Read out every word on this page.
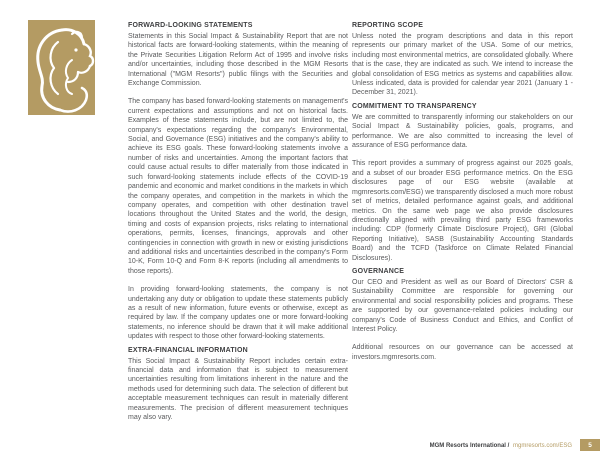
FORWARD-LOOKING STATEMENTS

Statements in this Social Impact & Sustainability Report that are not historical facts are forward-looking statements, within the meaning of the Private Securities Litigation Reform Act of 1995 and involve risks and/or uncertainties, including those described in the MGM Resorts International ("MGM Resorts") public filings with the Securities and Exchange Commission.

The company has based forward-looking statements on management's current expectations and assumptions and not on historical facts. Examples of these statements include, but are not limited to, the company's expectations regarding the company's Environmental, Social, and Governance (ESG) initiatives and the company's ability to achieve its ESG goals. These forward-looking statements involve a number of risks and uncertainties. Among the important factors that could cause actual results to differ materially from those indicated in such forward-looking statements include effects of the COVID-19 pandemic and economic and market conditions in the markets in which the company operates, and competition in the markets in which the company operates, and competition with other destination travel locations throughout the United States and the world, the design, timing and costs of expansion projects, risks relating to international operations, permits, licenses, financings, approvals and other contingencies in connection with growth in new or existing jurisdictions and additional risks and uncertainties described in the company's Form 10-K, Form 10-Q and Form 8-K reports (including all amendments to those reports).

In providing forward-looking statements, the company is not undertaking any duty or obligation to update these statements publicly as a result of new information, future events or otherwise, except as required by law. If the company updates one or more forward-looking statements, no inference should be drawn that it will make additional updates with respect to those other forward-looking statements.

EXTRA-FINANCIAL INFORMATION

This Social Impact & Sustainability Report includes certain extra-financial data and information that is subject to measurement uncertainties resulting from limitations inherent in the nature and the methods used for determining such data. The selection of different but acceptable measurement techniques can result in materially different measurements. The precision of different measurement techniques may also vary.

REPORTING SCOPE

Unless noted the program descriptions and data in this report represents our primary market of the USA. Some of our metrics, including most environmental metrics, are consolidated globally. Where that is the case, they are indicated as such. We intend to increase the global consolidation of ESG metrics as systems and capabilities allow. Unless indicated, data is provided for calendar year 2021 (January 1 - December 31, 2021).

COMMITMENT TO TRANSPARENCY

We are committed to transparently informing our stakeholders on our Social Impact & Sustainability policies, goals, programs, and performance. We are also committed to increasing the level of assurance of ESG performance data.

This report provides a summary of progress against our 2025 goals, and a subset of our broader ESG performance metrics. On the ESG disclosures page of our ESG website (available at mgmresorts.com/ESG) we transparently disclosed a much more robust set of metrics, detailed performance against goals, and additional metrics. On the same web page we also provide disclosures directionally aligned with prevailing third party ESG frameworks including: CDP (formerly Climate Disclosure Project), GRI (Global Reporting Initiative), SASB (Sustainability Accounting Standards Board) and the TCFD (Taskforce on Climate Related Financial Disclosures).

GOVERNANCE

Our CEO and President as well as our Board of Directors' CSR & Sustainability Committee are responsible for governing our environmental and social responsibility policies and programs. These are supported by our governance-related policies including our company's Code of Business Conduct and Ethics, and Conflict of Interest Policy.

Additional resources on our governance can be accessed at investors.mgmresorts.com.

MGM Resorts International / mgmresorts.com/ESG	5
